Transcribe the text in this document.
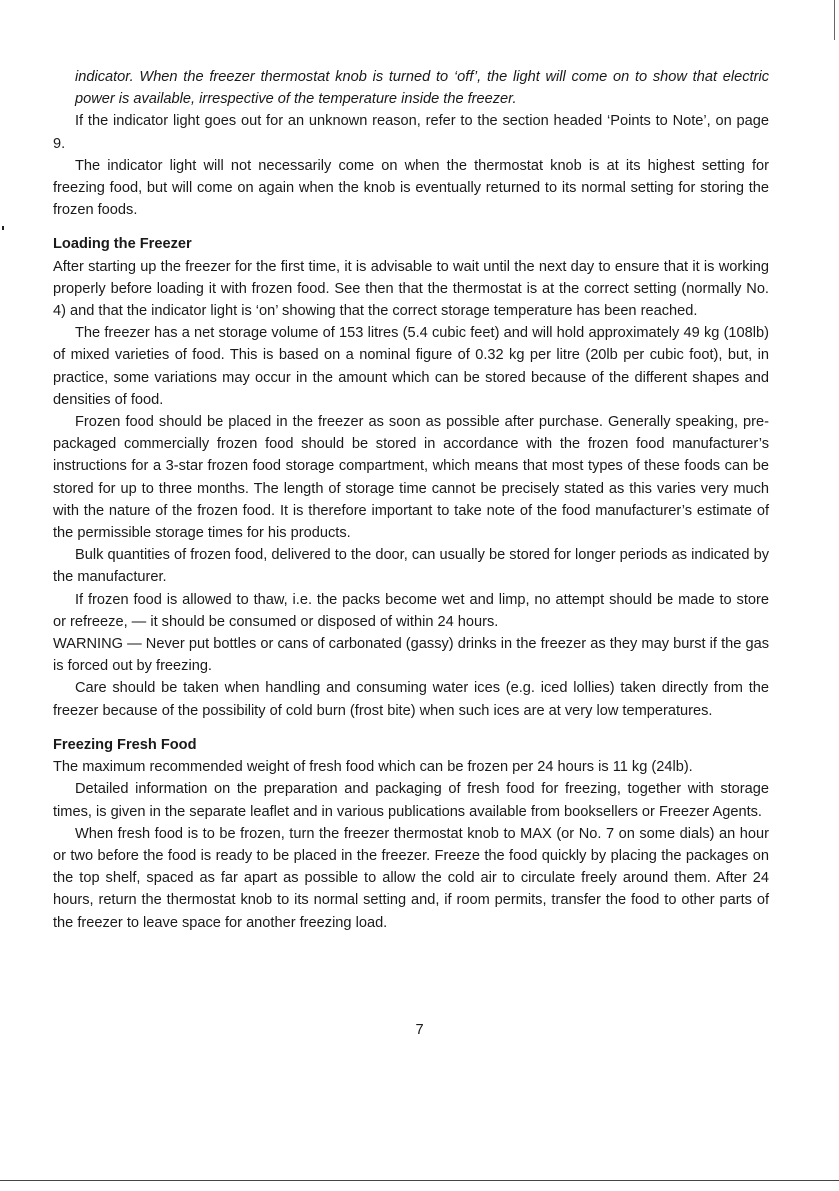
indicator. When the freezer thermostat knob is turned to ‘off’, the light will come on to show that electric power is available, irrespective of the temperature inside the freezer.

If the indicator light goes out for an unknown reason, refer to the section headed ‘Points to Note’, on page 9.

The indicator light will not necessarily come on when the thermostat knob is at its highest setting for freezing food, but will come on again when the knob is eventually returned to its normal setting for storing the frozen foods.

Loading the Freezer

After starting up the freezer for the first time, it is advisable to wait until the next day to ensure that it is working properly before loading it with frozen food. See then that the thermostat is at the correct setting (normally No. 4) and that the indicator light is ‘on’ showing that the correct storage temperature has been reached.

The freezer has a net storage volume of 153 litres (5.4 cubic feet) and will hold approximately 49 kg (108lb) of mixed varieties of food. This is based on a nominal figure of 0.32 kg per litre (20lb per cubic foot), but, in practice, some variations may occur in the amount which can be stored because of the different shapes and densities of food.

Frozen food should be placed in the freezer as soon as possible after purchase. Generally speaking, pre-packaged commercially frozen food should be stored in accordance with the frozen food manufacturer’s instructions for a 3-star frozen food storage compartment, which means that most types of these foods can be stored for up to three months. The length of storage time cannot be precisely stated as this varies very much with the nature of the frozen food. It is therefore important to take note of the food manufacturer’s estimate of the permissible storage times for his products.

Bulk quantities of frozen food, delivered to the door, can usually be stored for longer periods as indicated by the manufacturer.

If frozen food is allowed to thaw, i.e. the packs become wet and limp, no attempt should be made to store or refreeze, — it should be consumed or disposed of within 24 hours.

WARNING — Never put bottles or cans of carbonated (gassy) drinks in the freezer as they may burst if the gas is forced out by freezing.

Care should be taken when handling and consuming water ices (e.g. iced lollies) taken directly from the freezer because of the possibility of cold burn (frost bite) when such ices are at very low temperatures.

Freezing Fresh Food

The maximum recommended weight of fresh food which can be frozen per 24 hours is 11 kg (24lb).

Detailed information on the preparation and packaging of fresh food for freezing, together with storage times, is given in the separate leaflet and in various publications available from booksellers or Freezer Agents.

When fresh food is to be frozen, turn the freezer thermostat knob to MAX (or No. 7 on some dials) an hour or two before the food is ready to be placed in the freezer. Freeze the food quickly by placing the packages on the top shelf, spaced as far apart as possible to allow the cold air to circulate freely around them. After 24 hours, return the thermostat knob to its normal setting and, if room permits, transfer the food to other parts of the freezer to leave space for another freezing load.

7
